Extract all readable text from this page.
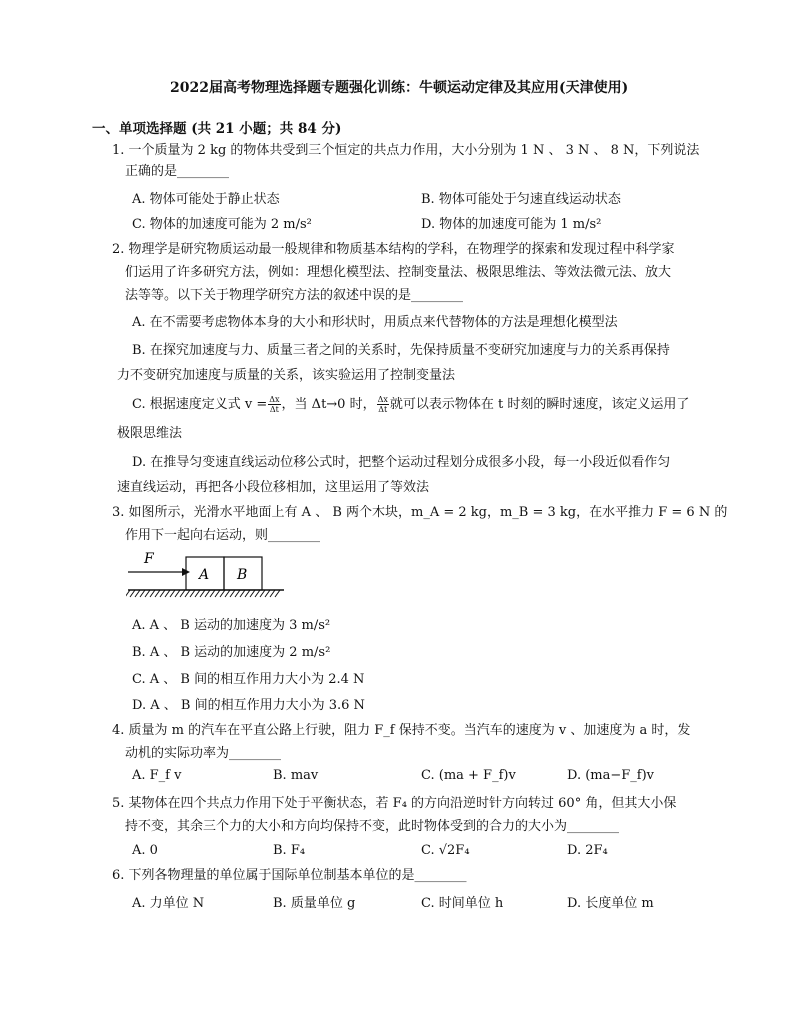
2022届高考物理选择题专题强化训练：牛顿运动定律及其应用(天津使用)
一、单项选择题 (共 21 小题；共 84 分)
1. 一个质量为 2 kg 的物体共受到三个恒定的共点力作用，大小分别为 1 N 、 3 N 、 8 N，下列说法
正确的是________
A. 物体可能处于静止状态	B. 物体可能处于匀速直线运动状态
C. 物体的加速度可能为 2 m/s²	D. 物体的加速度可能为 1 m/s²
2. 物理学是研究物质运动最一般规律和物质基本结构的学科，在物理学的探索和发现过程中科学家
们运用了许多研究方法，例如：理想化模型法、控制变量法、极限思维法、等效法微元法、放大
法等等。以下关于物理学研究方法的叙述中误的是________
A. 在不需要考虑物体本身的大小和形状时，用质点来代替物体的方法是理想化模型法
B. 在探究加速度与力、质量三者之间的关系时，先保持质量不变研究加速度与力的关系再保持
力不变研究加速度与质量的关系，该实验运用了控制变量法
C. 根据速度定义式 $v = \frac{\Delta x}{\Delta t}$ ，当 Δt→0 时， $\frac{\Delta x}{\Delta t}$ 就可以表示物体在 t 时刻的瞬时速度，该定义运用了
极限思维法
D. 在推导匀变速直线运动位移公式时，把整个运动过程划分成很多小段，每一小段近似看作匀
速直线运动，再把各小段位移相加，这里运用了等效法
3. 如图所示，光滑水平地面上有 A 、 B 两个木块，m_A = 2 kg，m_B = 3 kg，在水平推力 F = 6 N 的
作用下一起向右运动，则________
F
A B
A. A 、 B 运动的加速度为 3 m/s²
B. A 、 B 运动的加速度为 2 m/s²
C. A 、 B 间的相互作用力大小为 2.4 N
D. A 、 B 间的相互作用力大小为 3.6 N
4. 质量为 m 的汽车在平直公路上行驶，阻力 F_f 保持不变。当汽车的速度为 v 、加速度为 a 时，发
动机的实际功率为________
A. F_f v	B. mav	C. (ma + F_f)v	D. (ma−F_f)v
5. 某物体在四个共点力作用下处于平衡状态，若 F₄ 的方向沿逆时针方向转过 60° 角，但其大小保
持不变，其余三个力的大小和方向均保持不变，此时物体受到的合力的大小为________
A. 0	B. F₄	C. √2F₄	D. 2F₄
6. 下列各物理量的单位属于国际单位制基本单位的是________
A. 力单位 N	B. 质量单位 g	C. 时间单位 h	D. 长度单位 m
